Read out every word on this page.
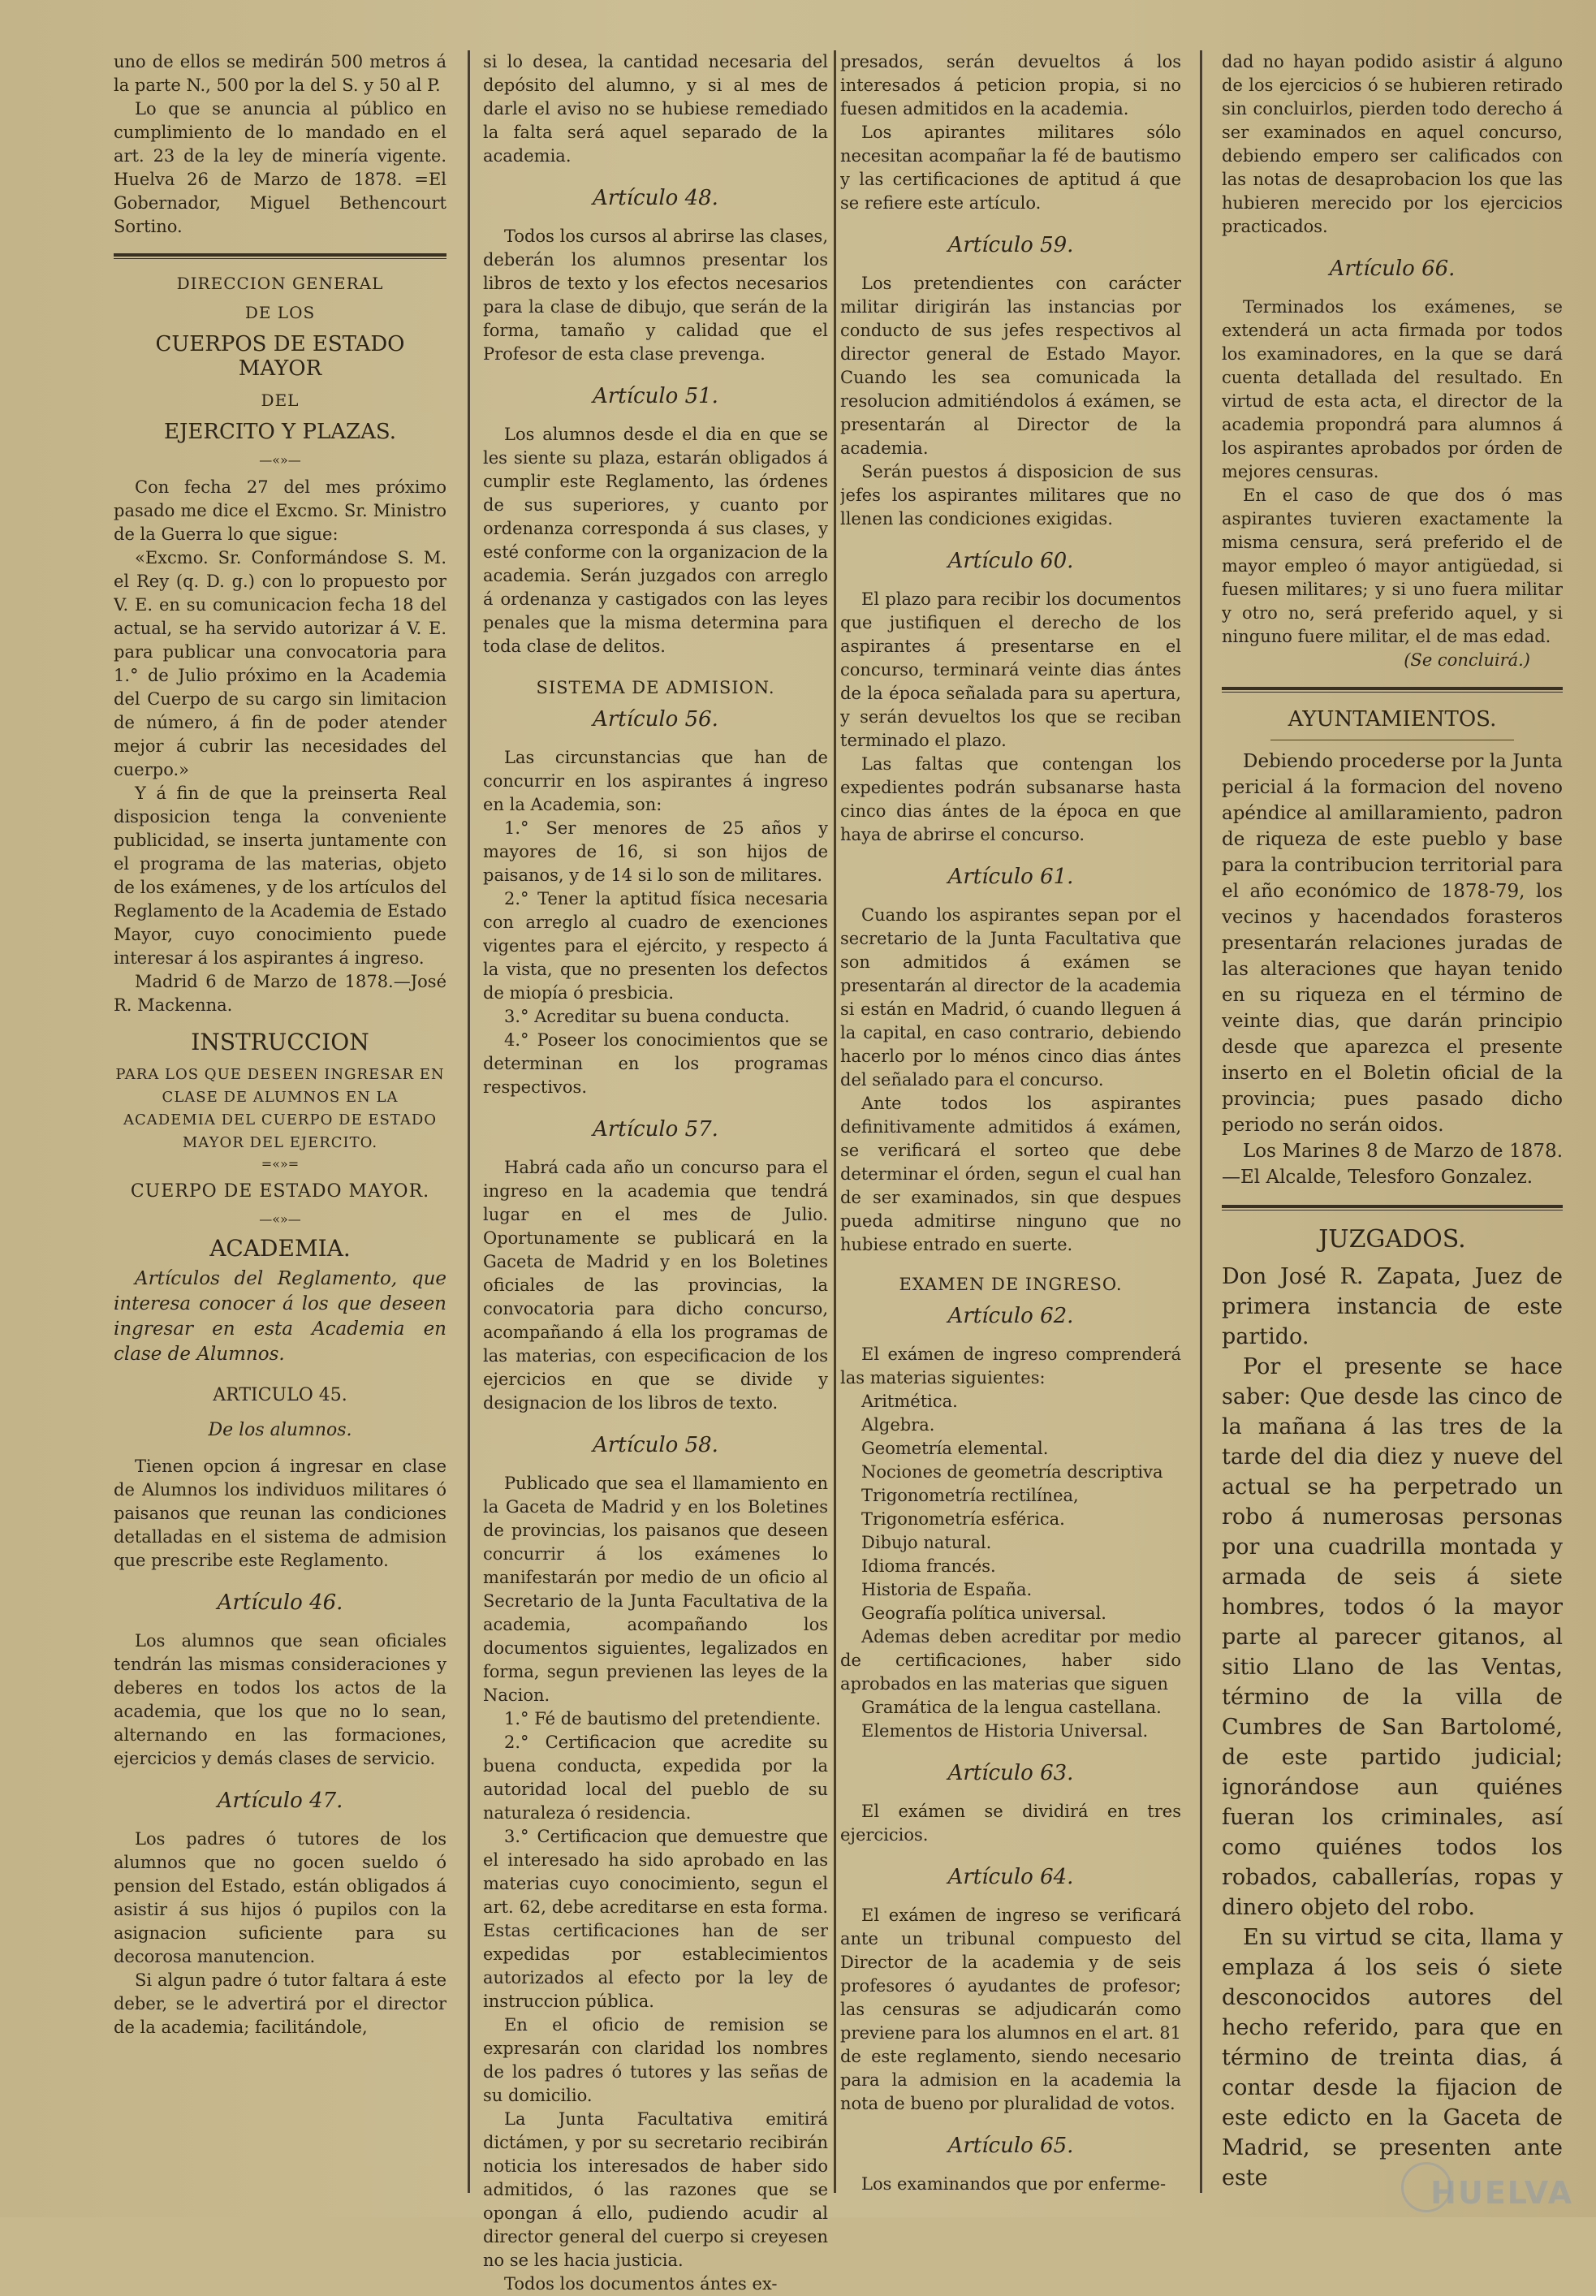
uno de ellos se medirán 500 metros á la parte N., 500 por la del S. y 50 al P.

Lo que se anuncia al público en cumplimiento de lo mandado en el art. 23 de la ley de minería vigente. Huelva 26 de Marzo de 1878. =El Gobernador, Miguel Bethencourt Sortino.

DIRECCION GENERAL
DE LOS
CUERPOS DE ESTADO MAYOR
DEL
EJERCITO Y PLAZAS.
—«»—

Con fecha 27 del mes próximo pasado me dice el Excmo. Sr. Ministro de la Guerra lo que sigue:

«Excmo. Sr. Conformándose S. M. el Rey (q. D. g.) con lo propuesto por V. E. en su comunicacion fecha 18 del actual, se ha servido autorizar á V. E. para publicar una convocatoria para 1.° de Julio próximo en la Academia del Cuerpo de su cargo sin limitacion de número, á fin de poder atender mejor á cubrir las necesidades del cuerpo.»

Y á fin de que la preinserta Real disposicion tenga la conveniente publicidad, se inserta juntamente con el programa de las materias, objeto de los exámenes, y de los artículos del Reglamento de la Academia de Estado Mayor, cuyo conocimiento puede interesar á los aspirantes á ingreso.

Madrid 6 de Marzo de 1878.—José R. Mackenna.

INSTRUCCION

PARA LOS QUE DESEEN INGRESAR EN CLASE DE ALUMNOS EN LA ACADEMIA DEL CUERPO DE ESTADO MAYOR DEL EJERCITO.

=«»=
CUERPO DE ESTADO MAYOR.
—«»—
ACADEMIA.

Artículos del Reglamento, que interesa conocer á los que deseen ingresar en esta Academia en clase de Alumnos.

ARTICULO 45.
De los alumnos.

Tienen opcion á ingresar en clase de Alumnos los individuos militares ó paisanos que reunan las condiciones detalladas en el sistema de admision que prescribe este Reglamento.

Artículo 46.

Los alumnos que sean oficiales tendrán las mismas consideraciones y deberes en todos los actos de la academia, que los que no lo sean, alternando en las formaciones, ejercicios y demás clases de servicio.

Artículo 47.

Los padres ó tutores de los alumnos que no gocen sueldo ó pension del Estado, están obligados á asistir á sus hijos ó pupilos con la asignacion suficiente para su decorosa manutencion.

Si algun padre ó tutor faltara á este deber, se le advertirá por el director de la academia; facilitándole,

si lo desea, la cantidad necesaria del depósito del alumno, y si al mes de darle el aviso no se hubiese remediado la falta será aquel separado de la academia.

Artículo 48.

Todos los cursos al abrirse las clases, deberán los alumnos presentar los libros de texto y los efectos necesarios para la clase de dibujo, que serán de la forma, tamaño y calidad que el Profesor de esta clase prevenga.

Artículo 51.

Los alumnos desde el dia en que se les siente su plaza, estarán obligados á cumplir este Reglamento, las órdenes de sus superiores, y cuanto por ordenanza corresponda á sus clases, y esté conforme con la organizacion de la academia. Serán juzgados con arreglo á ordenanza y castigados con las leyes penales que la misma determina para toda clase de delitos.

SISTEMA DE ADMISION.
Artículo 56.

Las circunstancias que han de concurrir en los aspirantes á ingreso en la Academia, son:

1.° Ser menores de 25 años y mayores de 16, si son hijos de paisanos, y de 14 si lo son de militares.

2.° Tener la aptitud física necesaria con arreglo al cuadro de exenciones vigentes para el ejército, y respecto á la vista, que no presenten los defectos de miopía ó presbicia.

3.° Acreditar su buena conducta.

4.° Poseer los conocimientos que se determinan en los programas respectivos.

Artículo 57.

Habrá cada año un concurso para el ingreso en la academia que tendrá lugar en el mes de Julio. Oportunamente se publicará en la Gaceta de Madrid y en los Boletines oficiales de las provincias, la convocatoria para dicho concurso, acompañando á ella los programas de las materias, con especificacion de los ejercicios en que se divide y designacion de los libros de texto.

Artículo 58.

Publicado que sea el llamamiento en la Gaceta de Madrid y en los Boletines de provincias, los paisanos que deseen concurrir á los exámenes lo manifestarán por medio de un oficio al Secretario de la Junta Facultativa de la academia, acompañando los documentos siguientes, legalizados en forma, segun previenen las leyes de la Nacion.

1.° Fé de bautismo del pretendiente.

2.° Certificacion que acredite su buena conducta, expedida por la autoridad local del pueblo de su naturaleza ó residencia.

3.° Certificacion que demuestre que el interesado ha sido aprobado en las materias cuyo conocimiento, segun el art. 62, debe acreditarse en esta forma. Estas certificaciones han de ser expedidas por establecimientos autorizados al efecto por la ley de instruccion pública.

En el oficio de remision se expresarán con claridad los nombres de los padres ó tutores y las señas de su domicilio.

La Junta Facultativa emitirá dictámen, y por su secretario recibirán noticia los interesados de haber sido admitidos, ó las razones que se opongan á ello, pudiendo acudir al director general del cuerpo si creyesen no se les hacia justicia.

Todos los documentos ántes ex-

presados, serán devueltos á los interesados á peticion propia, si no fuesen admitidos en la academia.

Los apirantes militares sólo necesitan acompañar la fé de bautismo y las certificaciones de aptitud á que se refiere este artículo.

Artículo 59.

Los pretendientes con carácter militar dirigirán las instancias por conducto de sus jefes respectivos al director general de Estado Mayor. Cuando les sea comunicada la resolucion admitiéndolos á exámen, se presentarán al Director de la academia.

Serán puestos á disposicion de sus jefes los aspirantes militares que no llenen las condiciones exigidas.

Artículo 60.

El plazo para recibir los documentos que justifiquen el derecho de los aspirantes á presentarse en el concurso, terminará veinte dias ántes de la época señalada para su apertura, y serán devueltos los que se reciban terminado el plazo.

Las faltas que contengan los expedientes podrán subsanarse hasta cinco dias ántes de la época en que haya de abrirse el concurso.

Artículo 61.

Cuando los aspirantes sepan por el secretario de la Junta Facultativa que son admitidos á exámen se presentarán al director de la academia si están en Madrid, ó cuando lleguen á la capital, en caso contrario, debiendo hacerlo por lo ménos cinco dias ántes del señalado para el concurso.

Ante todos los aspirantes definitivamente admitidos á exámen, se verificará el sorteo que debe determinar el órden, segun el cual han de ser examinados, sin que despues pueda admitirse ninguno que no hubiese entrado en suerte.

EXAMEN DE INGRESO.
Artículo 62.

El exámen de ingreso comprenderá las materias siguientes:

Aritmética.

Algebra.

Geometría elemental.

Nociones de geometría descriptiva

Trigonometría rectilínea,

Trigonometría esférica.

Dibujo natural.

Idioma francés.

Historia de España.

Geografía política universal.

Ademas deben acreditar por medio de certificaciones, haber sido aprobados en las materias que siguen

Gramática de la lengua castellana.

Elementos de Historia Universal.

Artículo 63.

El exámen se dividirá en tres ejercicios.

Artículo 64.

El exámen de ingreso se verificará ante un tribunal compuesto del Director de la academia y de seis profesores ó ayudantes de profesor; las censuras se adjudicarán como previene para los alumnos en el art. 81 de este reglamento, siendo necesario para la admision en la academia la nota de bueno por pluralidad de votos.

Artículo 65.

Los examinandos que por enferme-

dad no hayan podido asistir á alguno de los ejercicios ó se hubieren retirado sin concluirlos, pierden todo derecho á ser examinados en aquel concurso, debiendo empero ser calificados con las notas de desaprobacion los que las hubieren merecido por los ejercicios practicados.

Artículo 66.

Terminados los exámenes, se extenderá un acta firmada por todos los examinadores, en la que se dará cuenta detallada del resultado. En virtud de esta acta, el director de la academia propondrá para alumnos á los aspirantes aprobados por órden de mejores censuras.

En el caso de que dos ó mas aspirantes tuvieren exactamente la misma censura, será preferido el de mayor empleo ó mayor antigüedad, si fuesen militares; y si uno fuera militar y otro no, será preferido aquel, y si ninguno fuere militar, el de mas edad.

(Se concluirá.)

AYUNTAMIENTOS.

Debiendo procederse por la Junta pericial á la formacion del noveno apéndice al amillaramiento, padron de riqueza de este pueblo y base para la contribucion territorial para el año económico de 1878-79, los vecinos y hacendados forasteros presentarán relaciones juradas de las alteraciones que hayan tenido en su riqueza en el término de veinte dias, que darán principio desde que aparezca el presente inserto en el Boletin oficial de la provincia; pues pasado dicho periodo no serán oidos.

Los Marines 8 de Marzo de 1878. —El Alcalde, Telesforo Gonzalez.

JUZGADOS.

Don José R. Zapata, Juez de primera instancia de este partido.

Por el presente se hace saber: Que desde las cinco de la mañana á las tres de la tarde del dia diez y nueve del actual se ha perpetrado un robo á numerosas personas por una cuadrilla montada y armada de seis á siete hombres, todos ó la mayor parte al parecer gitanos, al sitio Llano de las Ventas, término de la villa de Cumbres de San Bartolomé, de este partido judicial; ignorándose aun quiénes fueran los criminales, así como quiénes todos los robados, caballerías, ropas y dinero objeto del robo.

En su virtud se cita, llama y emplaza á los seis ó siete desconocidos autores del hecho referido, para que en término de treinta dias, á contar desde la fijacion de este edicto en la Gaceta de Madrid, se presenten ante este	HUELVA
